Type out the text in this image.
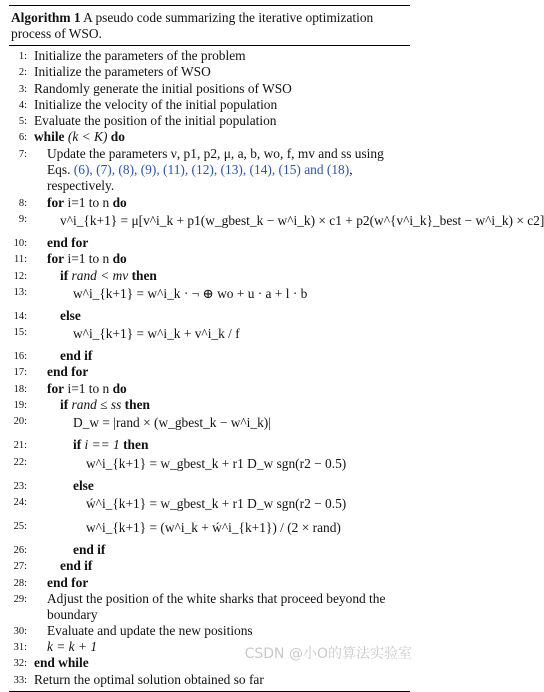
Algorithm 1 A pseudo code summarizing the iterative optimization process of WSO.
1: Initialize the parameters of the problem
2: Initialize the parameters of WSO
3: Randomly generate the initial positions of WSO
4: Initialize the velocity of the initial population
5: Evaluate the position of the initial population
6: while (k < K) do
7: Update the parameters ν, p1, p2, μ, a, b, wo, f, mv and ss using Eqs. (6), (7), (8), (9), (11), (12), (13), (14), (15) and (18), respectively.
8: for i=1 to n do
9: v^i_{k+1} = μ[v^i_k + p1(w_gbest_k − w^i_k) × c1 + p2(w^{v^i_k}_best − w^i_k) × c2]
10: end for
11: for i=1 to n do
12: if rand < mv then
13:	w^i_{k+1} = w^i_k · ¬ ⊕ wo + u · a + l · b
14: else
15:	w^i_{k+1} = w^i_k + v^i_k / f
16: end if
17: end for
18: for i=1 to n do
19: if rand ≤ ss then
20:	D_w = |rand × (w_gbest_k − w^i_k)|
21:	if i == 1 then
22:	w^i_{k+1} = w_gbest_k + r1 D_w sgn(r2 − 0.5)
23:	else
24:	ẃ^i_{k+1} = w_gbest_k + r1 D_w sgn(r2 − 0.5)
25:	w^i_{k+1} = (w^i_k + ẃ^i_{k+1}) / (2 × rand)
26:	end if
27: end if
28: end for
29: Adjust the position of the white sharks that proceed beyond the boundary
30: Evaluate and update the new positions
31: k = k + 1
32: end while
33: Return the optimal solution obtained so far
CSDN @小O的算法实验室
